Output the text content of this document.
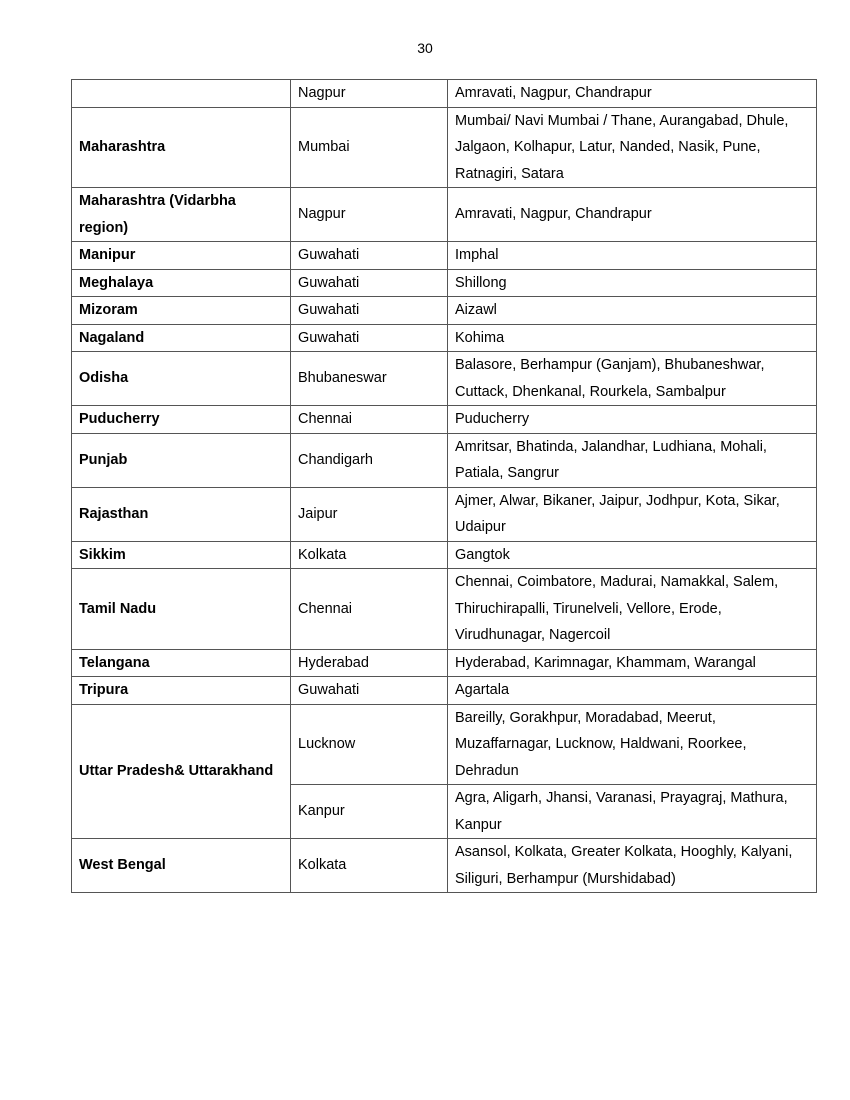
30
	Nagpur	Amravati, Nagpur, Chandrapur
Maharashtra	Mumbai	Mumbai/ Navi Mumbai / Thane, Aurangabad, Dhule, Jalgaon, Kolhapur, Latur, Nanded, Nasik, Pune, Ratnagiri, Satara
Maharashtra (Vidarbha region)	Nagpur	Amravati, Nagpur, Chandrapur
Manipur	Guwahati	Imphal
Meghalaya	Guwahati	Shillong
Mizoram	Guwahati	Aizawl
Nagaland	Guwahati	Kohima
Odisha	Bhubaneswar	Balasore, Berhampur (Ganjam), Bhubaneshwar, Cuttack, Dhenkanal, Rourkela, Sambalpur
Puducherry	Chennai	Puducherry
Punjab	Chandigarh	Amritsar, Bhatinda, Jalandhar, Ludhiana, Mohali, Patiala, Sangrur
Rajasthan	Jaipur	Ajmer, Alwar, Bikaner, Jaipur, Jodhpur, Kota, Sikar, Udaipur
Sikkim	Kolkata	Gangtok
Tamil Nadu	Chennai	Chennai, Coimbatore, Madurai, Namakkal, Salem, Thiruchirapalli, Tirunelveli, Vellore, Erode, Virudhunagar, Nagercoil
Telangana	Hyderabad	Hyderabad, Karimnagar, Khammam, Warangal
Tripura	Guwahati	Agartala
Uttar Pradesh& Uttarakhand	Lucknow	Bareilly, Gorakhpur, Moradabad, Meerut, Muzaffarnagar, Lucknow, Haldwani, Roorkee, Dehradun
	Kanpur	Agra, Aligarh, Jhansi, Varanasi, Prayagraj, Mathura, Kanpur
West Bengal	Kolkata	Asansol, Kolkata, Greater Kolkata, Hooghly, Kalyani, Siliguri, Berhampur (Murshidabad)
